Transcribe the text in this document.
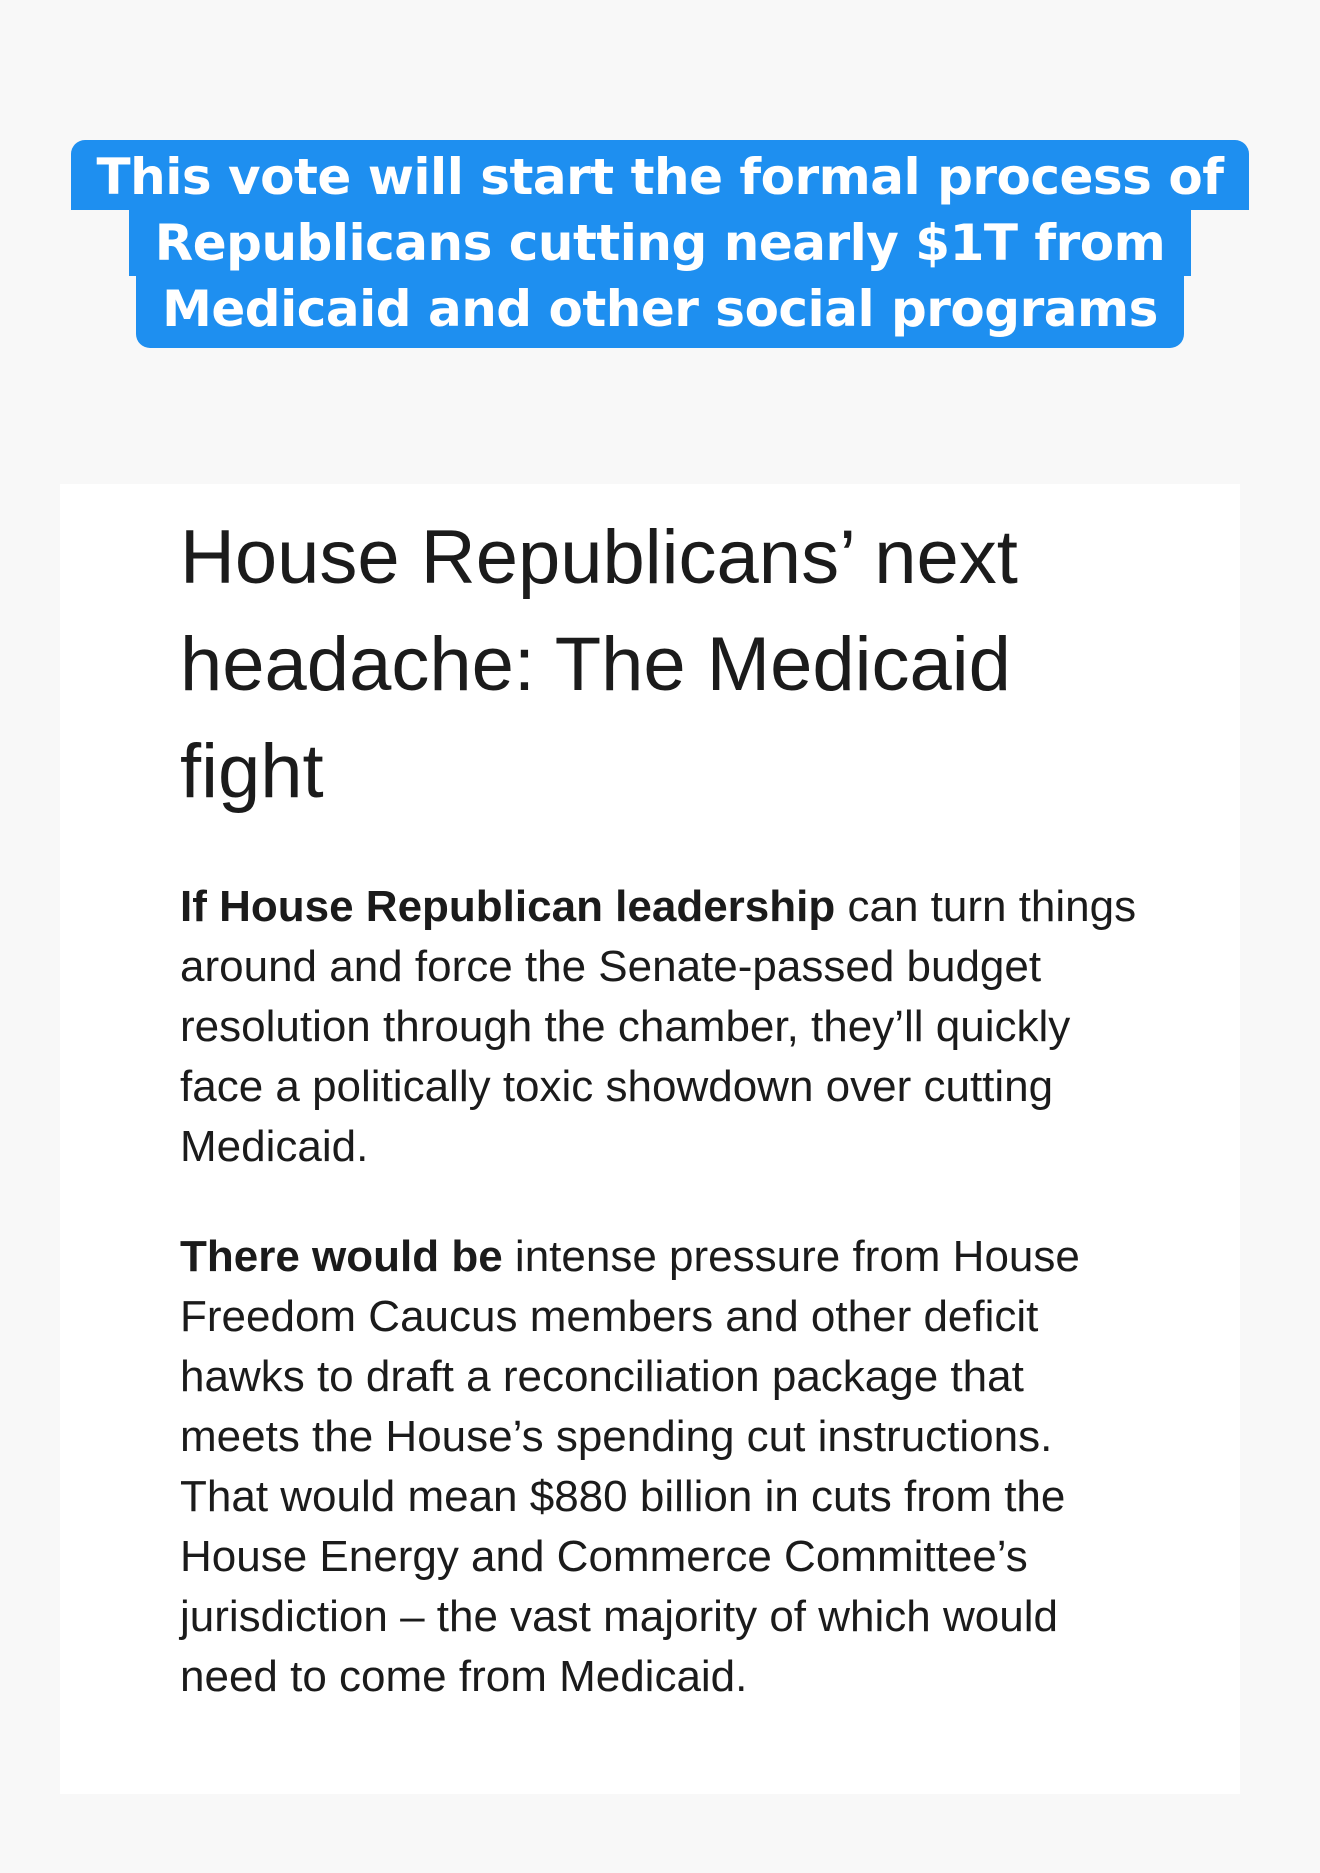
This vote will start the formal process of
Republicans cutting nearly $1T from
Medicaid and other social programs
House Republicans’ next headache: The Medicaid fight

If House Republican leadership can turn things around and force the Senate-passed budget resolution through the chamber, they’ll quickly face a politically toxic showdown over cutting Medicaid.

There would be intense pressure from House Freedom Caucus members and other deficit hawks to draft a reconciliation package that meets the House’s spending cut instructions. That would mean $880 billion in cuts from the House Energy and Commerce Committee’s jurisdiction – the vast majority of which would need to come from Medicaid.
